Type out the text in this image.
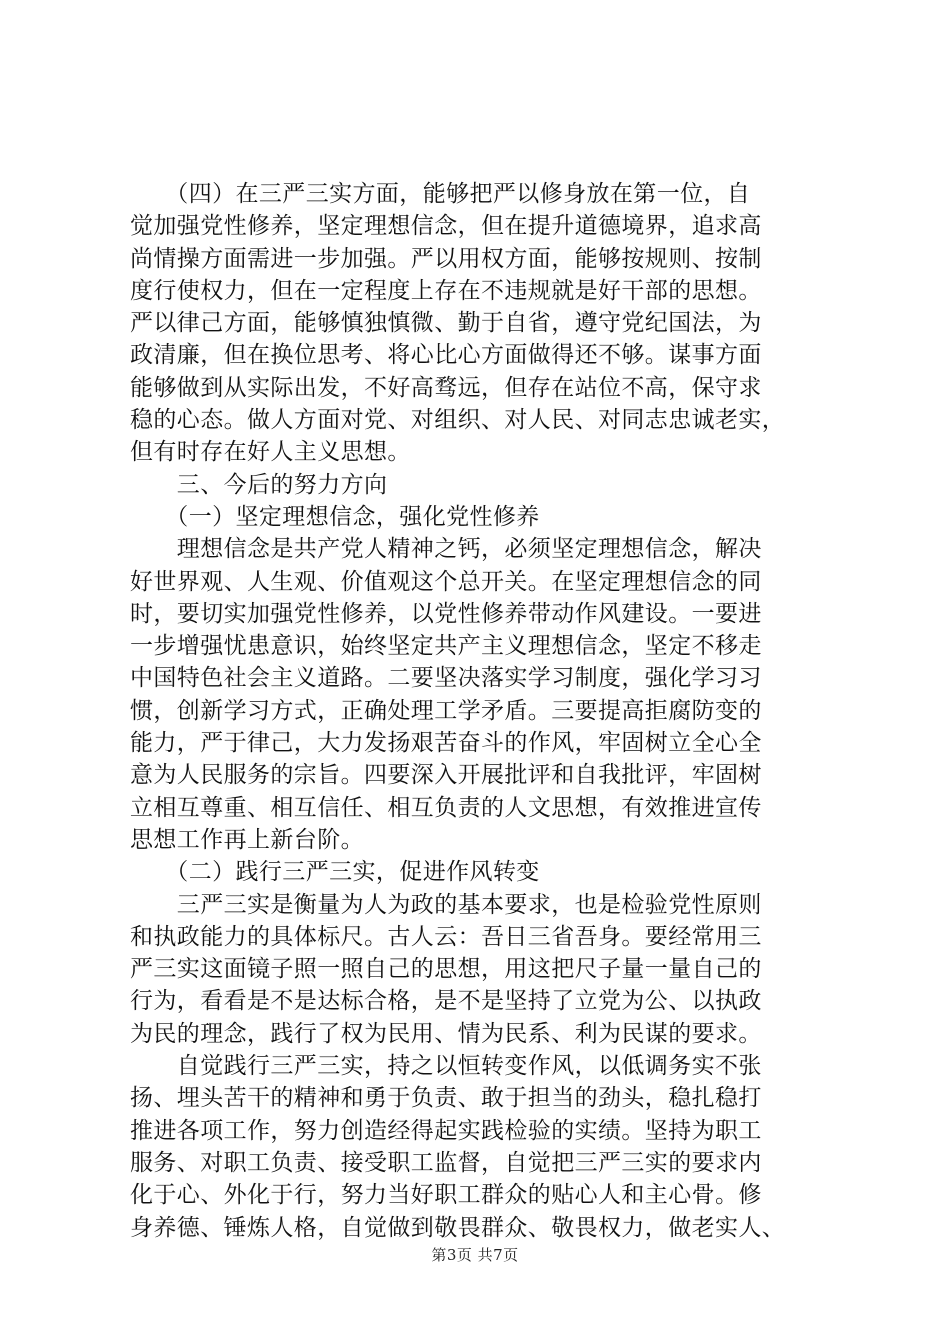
　　（四）在三严三实方面，能够把严以修身放在第一位，自
觉加强党性修养，坚定理想信念，但在提升道德境界，追求高
尚情操方面需进一步加强。严以用权方面，能够按规则、按制
度行使权力，但在一定程度上存在不违规就是好干部的思想。
严以律己方面，能够慎独慎微、勤于自省，遵守党纪国法，为
政清廉，但在换位思考、将心比心方面做得还不够。谋事方面
能够做到从实际出发，不好高骛远，但存在站位不高，保守求
稳的心态。做人方面对党、对组织、对人民、对同志忠诚老实，
但有时存在好人主义思想。
　　三、今后的努力方向
　　（一）坚定理想信念，强化党性修养
　　理想信念是共产党人精神之钙，必须坚定理想信念，解决
好世界观、人生观、价值观这个总开关。在坚定理想信念的同
时，要切实加强党性修养，以党性修养带动作风建设。一要进
一步增强忧患意识，始终坚定共产主义理想信念，坚定不移走
中国特色社会主义道路。二要坚决落实学习制度，强化学习习
惯，创新学习方式，正确处理工学矛盾。三要提高拒腐防变的
能力，严于律己，大力发扬艰苦奋斗的作风，牢固树立全心全
意为人民服务的宗旨。四要深入开展批评和自我批评，牢固树
立相互尊重、相互信任、相互负责的人文思想，有效推进宣传
思想工作再上新台阶。
　　（二）践行三严三实，促进作风转变
　　三严三实是衡量为人为政的基本要求，也是检验党性原则
和执政能力的具体标尺。古人云：吾日三省吾身。要经常用三
严三实这面镜子照一照自己的思想，用这把尺子量一量自己的
行为，看看是不是达标合格，是不是坚持了立党为公、以执政
为民的理念，践行了权为民用、情为民系、利为民谋的要求。
　　自觉践行三严三实，持之以恒转变作风，以低调务实不张
扬、埋头苦干的精神和勇于负责、敢于担当的劲头，稳扎稳打
推进各项工作，努力创造经得起实践检验的实绩。坚持为职工
服务、对职工负责、接受职工监督，自觉把三严三实的要求内
化于心、外化于行，努力当好职工群众的贴心人和主心骨。修
身养德、锤炼人格，自觉做到敬畏群众、敬畏权力，做老实人、
第3页 共7页
